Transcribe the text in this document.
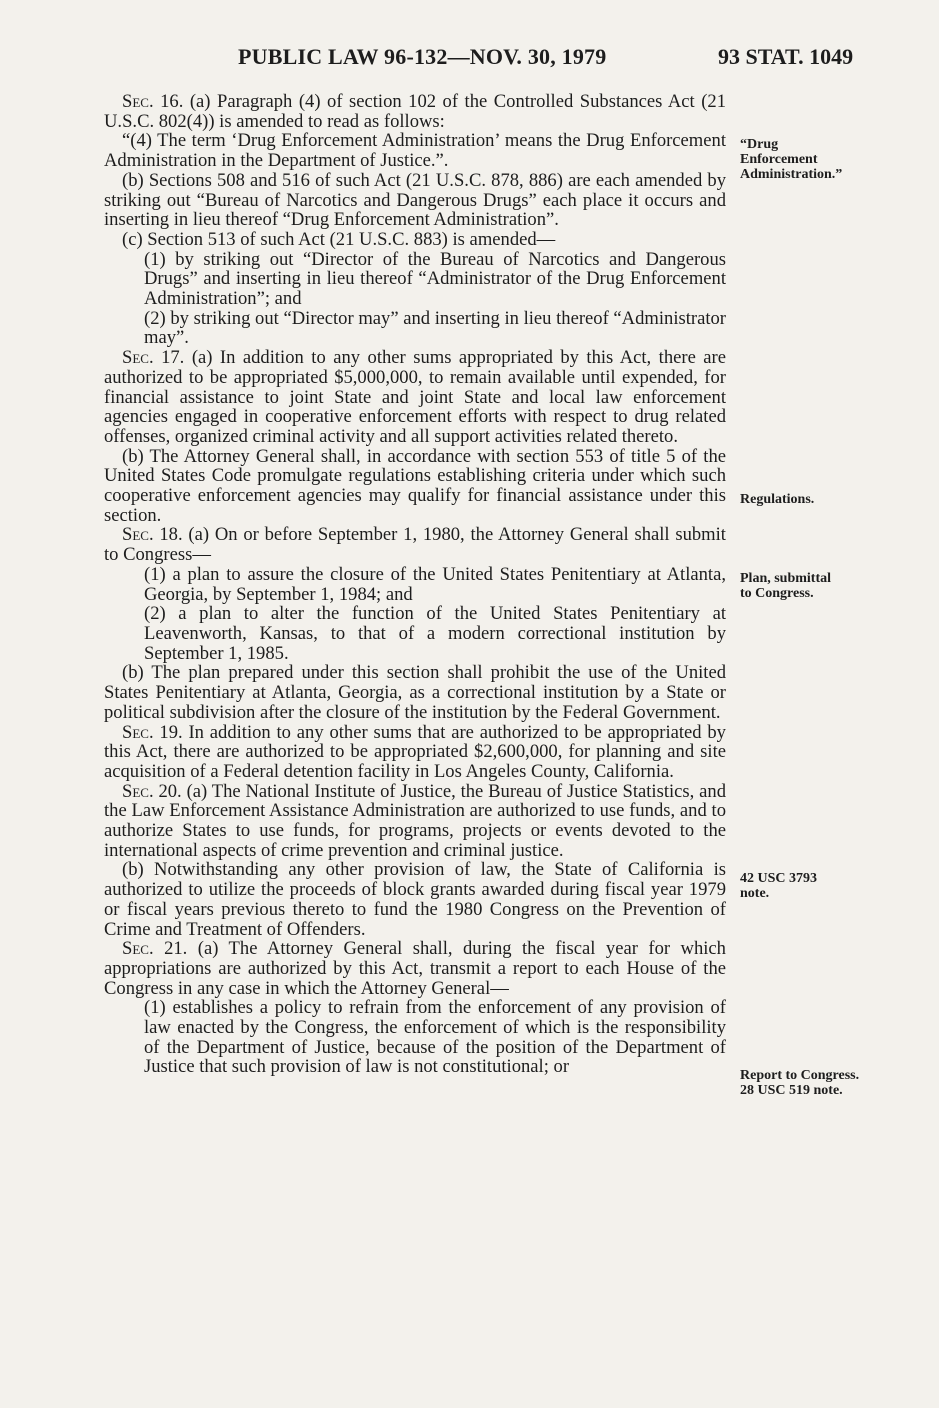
PUBLIC LAW 96-132—NOV. 30, 1979	93 STAT. 1049

Sec. 16. (a) Paragraph (4) of section 102 of the Controlled Substances Act (21 U.S.C. 802(4)) is amended to read as follows:

“(4) The term ‘Drug Enforcement Administration’ means the Drug Enforcement Administration in the Department of Justice.”.

(b) Sections 508 and 516 of such Act (21 U.S.C. 878, 886) are each amended by striking out “Bureau of Narcotics and Dangerous Drugs” each place it occurs and inserting in lieu thereof “Drug Enforcement Administration”.

(c) Section 513 of such Act (21 U.S.C. 883) is amended—

(1) by striking out “Director of the Bureau of Narcotics and Dangerous Drugs” and inserting in lieu thereof “Administrator of the Drug Enforcement Administration”; and

(2) by striking out “Director may” and inserting in lieu thereof “Administrator may”.

Sec. 17. (a) In addition to any other sums appropriated by this Act, there are authorized to be appropriated $5,000,000, to remain available until expended, for financial assistance to joint State and joint State and local law enforcement agencies engaged in cooperative enforcement efforts with respect to drug related offenses, organized criminal activity and all support activities related thereto.

(b) The Attorney General shall, in accordance with section 553 of title 5 of the United States Code promulgate regulations establishing criteria under which such cooperative enforcement agencies may qualify for financial assistance under this section.

Sec. 18. (a) On or before September 1, 1980, the Attorney General shall submit to Congress—

(1) a plan to assure the closure of the United States Penitentiary at Atlanta, Georgia, by September 1, 1984; and

(2) a plan to alter the function of the United States Penitentiary at Leavenworth, Kansas, to that of a modern correctional institution by September 1, 1985.

(b) The plan prepared under this section shall prohibit the use of the United States Penitentiary at Atlanta, Georgia, as a correctional institution by a State or political subdivision after the closure of the institution by the Federal Government.

Sec. 19. In addition to any other sums that are authorized to be appropriated by this Act, there are authorized to be appropriated $2,600,000, for planning and site acquisition of a Federal detention facility in Los Angeles County, California.

Sec. 20. (a) The National Institute of Justice, the Bureau of Justice Statistics, and the Law Enforcement Assistance Administration are authorized to use funds, and to authorize States to use funds, for programs, projects or events devoted to the international aspects of crime prevention and criminal justice.

(b) Notwithstanding any other provision of law, the State of California is authorized to utilize the proceeds of block grants awarded during fiscal year 1979 or fiscal years previous thereto to fund the 1980 Congress on the Prevention of Crime and Treatment of Offenders.

Sec. 21. (a) The Attorney General shall, during the fiscal year for which appropriations are authorized by this Act, transmit a report to each House of the Congress in any case in which the Attorney General—

(1) establishes a policy to refrain from the enforcement of any provision of law enacted by the Congress, the enforcement of which is the responsibility of the Department of Justice, because of the position of the Department of Justice that such provision of law is not constitutional; or

“Drug Enforcement Administration.”
Regulations.
Plan, submittal to Congress.
42 USC 3793 note.
Report to Congress. 28 USC 519 note.
